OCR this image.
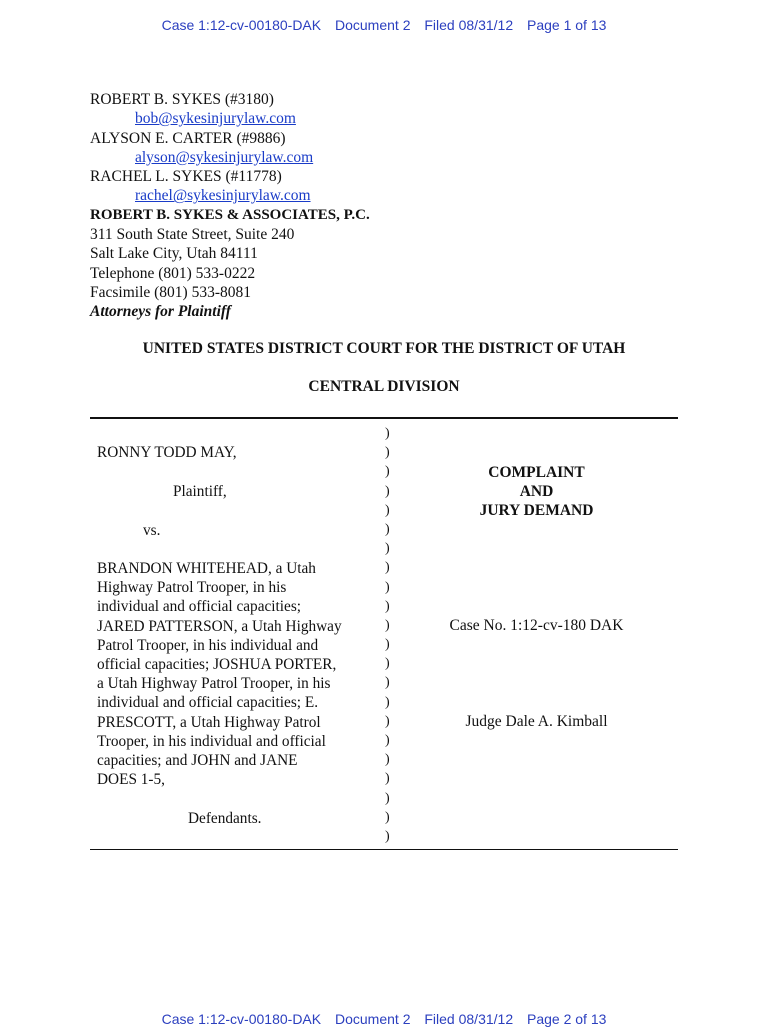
Case 1:12-cv-00180-DAK Document 2 Filed 08/31/12 Page 1 of 13
ROBERT B. SYKES (#3180)
bob@sykesinjurylaw.com
ALYSON E. CARTER (#9886)
alyson@sykesinjurylaw.com
RACHEL L. SYKES (#11778)
rachel@sykesinjurylaw.com
ROBERT B. SYKES & ASSOCIATES, P.C.
311 South State Street, Suite 240
Salt Lake City, Utah 84111
Telephone (801) 533-0222
Facsimile (801) 533-8081
Attorneys for Plaintiff
UNITED STATES DISTRICT COURT FOR THE DISTRICT OF UTAH
CENTRAL DIVISION
RONNY TODD MAY,
Plaintiff,
vs.
BRANDON WHITEHEAD, a Utah
Highway Patrol Trooper, in his
individual and official capacities;
JARED PATTERSON, a Utah Highway
Patrol Trooper, in his individual and
official capacities; JOSHUA PORTER,
a Utah Highway Patrol Trooper, in his
individual and official capacities; E.
PRESCOTT, a Utah Highway Patrol
Trooper, in his individual and official
capacities; and JOHN and JANE
DOES 1-5,
Defendants.
)
)
)
)
)
)
)
)
)
)
)
)
)
)
)
)
)
)
)
)
)
)
COMPLAINT
AND
JURY DEMAND
Case No. 1:12-cv-180 DAK
Judge Dale A. Kimball
Case 1:12-cv-00180-DAK Document 2 Filed 08/31/12 Page 2 of 13
